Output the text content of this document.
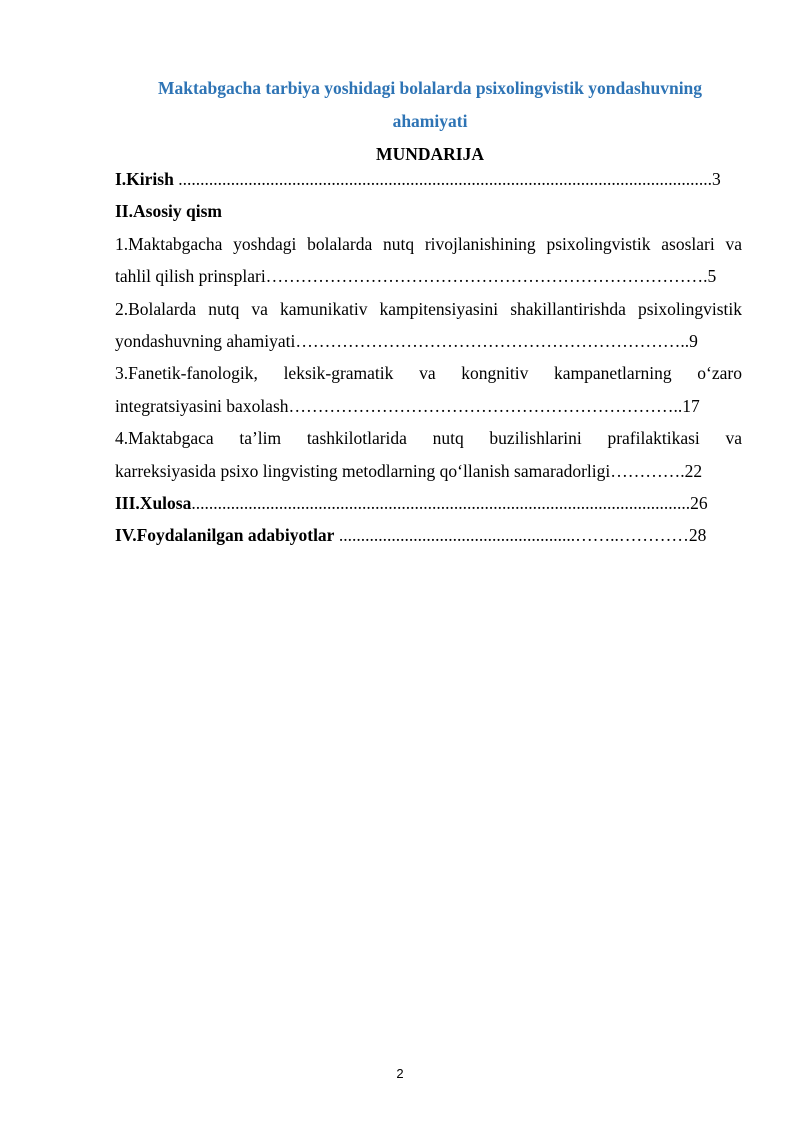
Maktabgacha tarbiya yoshidagi bolalarda psixolingvistik yondashuvning
ahamiyati
MUNDARIJA
I.Kirish ..........................................................................................................................3
II.Asosiy qism
1.Maktabgacha yoshdagi bolalarda nutq rivojlanishining psixolingvistik asoslari va
tahlil qilish prinsplari………………………………………………………………….5
2.Bolalarda nutq va kamunikativ kampitensiyasini shakillantirishda psixolingvistik
yondashuvning ahamiyati…………………………………………………………..9
3.Fanetik-fanologik, leksik-gramatik va kongnitiv kampanetlarning o‘zaro
integratsiyasini baxolash…………………………………………………………..17
4.Maktabgaca ta’lim tashkilotlarida nutq buzilishlarini prafilaktikasi va
karreksiyasida psixo lingvisting metodlarning qo‘llanish samaradorligi………….22
III.Xulosa..................................................................................................................26
IV.Foydalanilgan adabiyotlar ......................................................……..…………28
2
